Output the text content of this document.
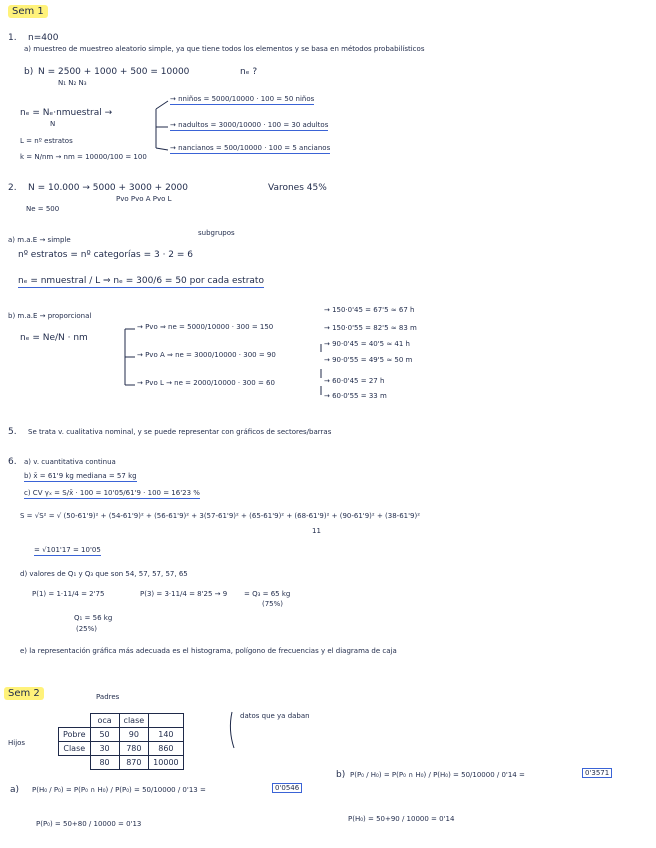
Sem 1
1. n=400
a) muestreo de muestreo aleatorio simple, ya que tiene todos los elementos y se basa en métodos probabilísticos
b) N = 2500 + 1000 + 500 = 10000
N₁ N₂ N₃
nₑ ?
nₑ = Nₑ·nmuestral →
N
→ nniños = 5000/10000 · 100 = 50 niños
→ nadultos = 3000/10000 · 100 = 30 adultos
→ nancianos = 500/10000 · 100 = 5 ancianos
L = nº estratos
k = N/nm → nm = 10000/100 = 100
2. N = 10.000 → 5000 + 3000 + 2000
Pvo Pvo A Pvo L
Varones 45%
Ne = 500
subgrupos
a) m.a.E → simple
nº estratos = nº categorías = 3 · 2 = 6
nₑ = nmuestral / L ⇒ nₑ = 300/6 = 50 por cada estrato
b) m.a.E → proporcional
nₑ = Ne/N · nm
→ Pvo ⇒ ne = 5000/10000 · 300 = 150
→ 150·0'45 = 67'5 ≈ 67 h
→ 150·0'55 = 82'5 ≈ 83 m
→ Pvo A ⇒ ne = 3000/10000 · 300 = 90
→ 90·0'45 = 40'5 ≈ 41 h
→ 90·0'55 = 49'5 ≈ 50 m
→ Pvo L → ne = 2000/10000 · 300 = 60	→ 60·0'45 = 27 h
→ 60·0'55 = 33 m
5. Se trata v. cualitativa nominal, y se puede representar con gráficos de sectores/barras
6. a) v. cuantitativa continua
b) x̄ = 61'9 kg mediana = 57 kg
c) CV γₓ = S/x̄ · 100 = 10'05/61'9 · 100 = 16'23 %
S = √S² = √ (50-61'9)² + (54-61'9)² + (56-61'9)² + 3(57-61'9)² + (65-61'9)² + (68-61'9)² + (90-61'9)² + (38-61'9)²
11
= √101'17 = 10'05
d) valores de Q₁ y Q₃ que son 54, 57, 57, 57, 65
P(1) = 1·11/4 = 2'75	P(3) = 3·11/4 = 8'25 → 9
Q₁ = 56 kg
(25%)
= Q₃ = 65 kg
(75%)
e) la representación gráfica más adecuada es el histograma, polígono de frecuencias y el diagrama de caja
Sem 2	Padres
datos que ya daban
Hijos
		oca	clase	
	Pobre	50	90	140
	Clase	30	780	860
		80	870	10000
a) P(H₀ / P₀) = P(P₀ ∩ H₀) / P(P₀) = 50/10000 / 0'13 =	0'0546
P(P₀) = 50+80 / 10000 = 0'13
b) P(P₀ / H₀) = P(P₀ ∩ H₀) / P(H₀) = 50/10000 / 0'14 =	0'3571
P(H₀) = 50+90 / 10000 = 0'14
